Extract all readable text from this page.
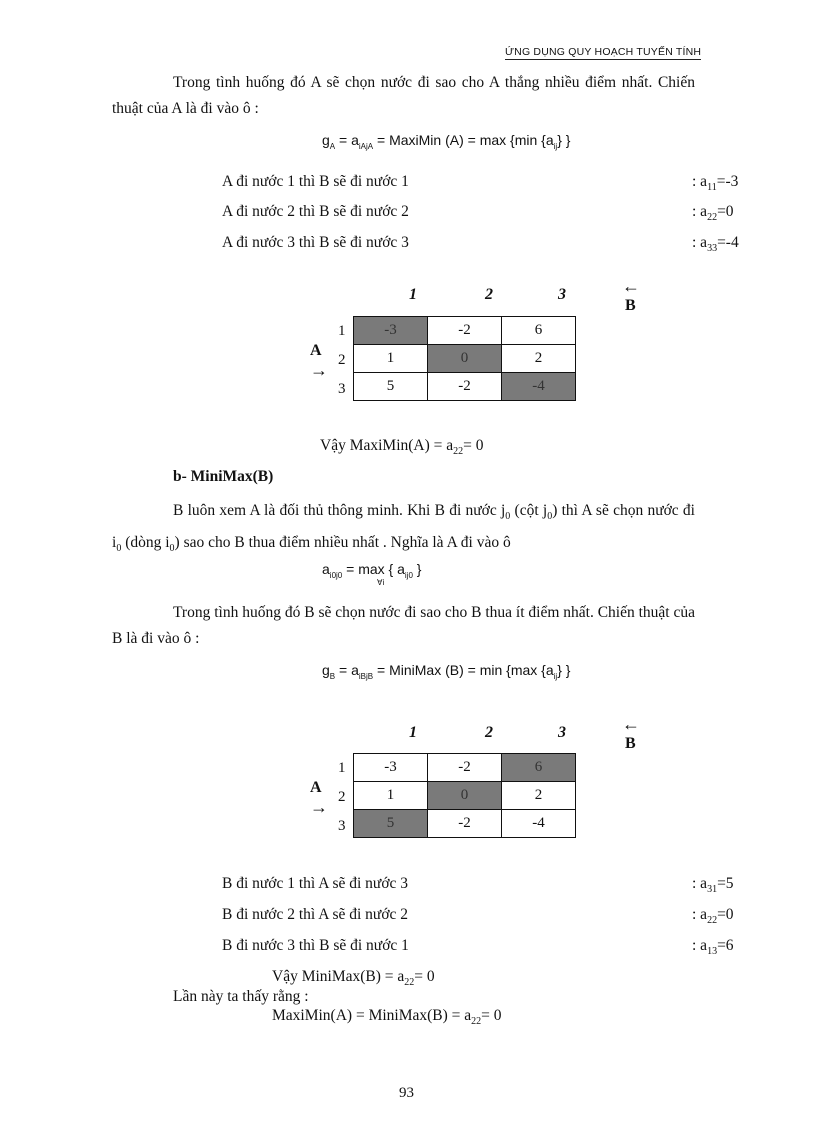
ỨNG DỤNG QUY HOẠCH TUYẾN TÍNH
Trong tình huống đó A sẽ chọn nước đi sao cho A thắng nhiều điểm nhất. Chiến thuật của A là đi vào ô :
$g_A = a_{iAjA}$ = MaxiMin (A) = max {min $\{a_{ij}\}$ }
A đi nước 1 thì B sẽ đi nước 1	: $a_{11}=-3$
A đi nước 2 thì B sẽ đi nước 2	: $a_{22}=0$
A đi nước 3 thì B sẽ đi nước 3	: $a_{33}=-4$
1	2	3	←
B
A
→
1
2
3
-3	-2	6
1	0	2
5	-2	-4
Vậy MaxiMin(A) = $a_{22}= 0$
b- MiniMax(B)
B luôn xem A là đối thủ thông minh. Khi B đi nước $j_0$ (cột $j_0$) thì A sẽ chọn nước đi $i_0$ (dòng $i_0$) sao cho B thua điểm nhiều nhất . Nghĩa là A đi vào ô
$a_{i0j0} = \max$ { $a_{ij0}$ }
∀i
Trong tình huống đó B sẽ chọn nước đi sao cho B thua ít điểm nhất. Chiến thuật của B là đi vào ô :
$g_B = a_{iBjB}$ = MiniMax (B) = min {max $\{a_{ij}\}$ }
1	2	3	←
B
A
→
1
2
3
-3	-2	6
1	0	2
5	-2	-4
B đi nước 1 thì A sẽ đi nước 3	: $a_{31}=5$
B đi nước 2 thì A sẽ đi nước 2	: $a_{22}=0$
B đi nước 3 thì B sẽ đi nước 1	: $a_{13}=6$
Vậy MiniMax(B) = $a_{22}= 0$
Lần này ta thấy rằng :
MaxiMin(A) = MiniMax(B) = $a_{22}= 0$
93
